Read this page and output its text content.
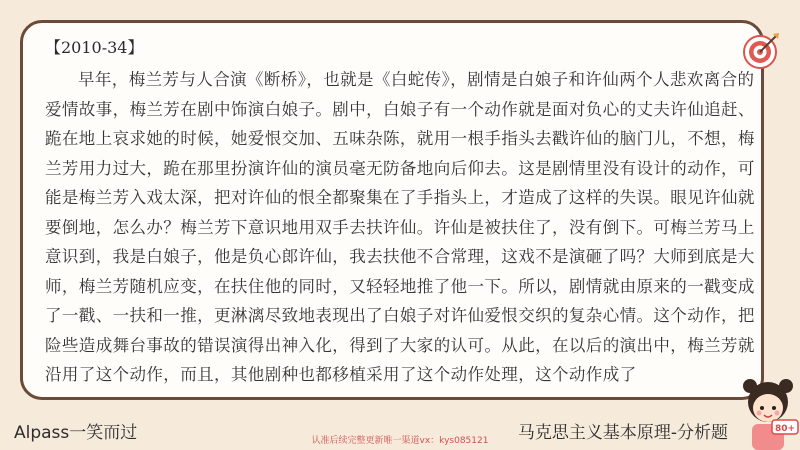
【2010-34】

早年，梅兰芳与人合演《断桥》，也就是《白蛇传》，剧情是白娘子和许仙两个人悲欢离合的爱情故事，梅兰芳在剧中饰演白娘子。剧中，白娘子有一个动作就是面对负心的丈夫许仙追赶、跪在地上哀求她的时候，她爱恨交加、五味杂陈，就用一根手指头去戳许仙的脑门儿，不想，梅兰芳用力过大，跪在那里扮演许仙的演员毫无防备地向后仰去。这是剧情里没有设计的动作，可能是梅兰芳入戏太深，把对许仙的恨全都聚集在了手指头上，才造成了这样的失误。眼见许仙就要倒地，怎么办？梅兰芳下意识地用双手去扶许仙。许仙是被扶住了，没有倒下。可梅兰芳马上意识到，我是白娘子，他是负心郎许仙，我去扶他不合常理，这戏不是演砸了吗？大师到底是大师，梅兰芳随机应变，在扶住他的同时，又轻轻地推了他一下。所以，剧情就由原来的一戳变成了一戳、一扶和一推，更淋漓尽致地表现出了白娘子对许仙爱恨交织的复杂心情。这个动作，把险些造成舞台事故的错误演得出神入化，得到了大家的认可。从此，在以后的演出中，梅兰芳就沿用了这个动作，而且，其他剧种也都移植采用了这个动作处理，这个动作成了

80+
Alpass一笑而过	马克思主义基本原理-分析题
认准后续完整更新唯一渠道vx：kys085121
